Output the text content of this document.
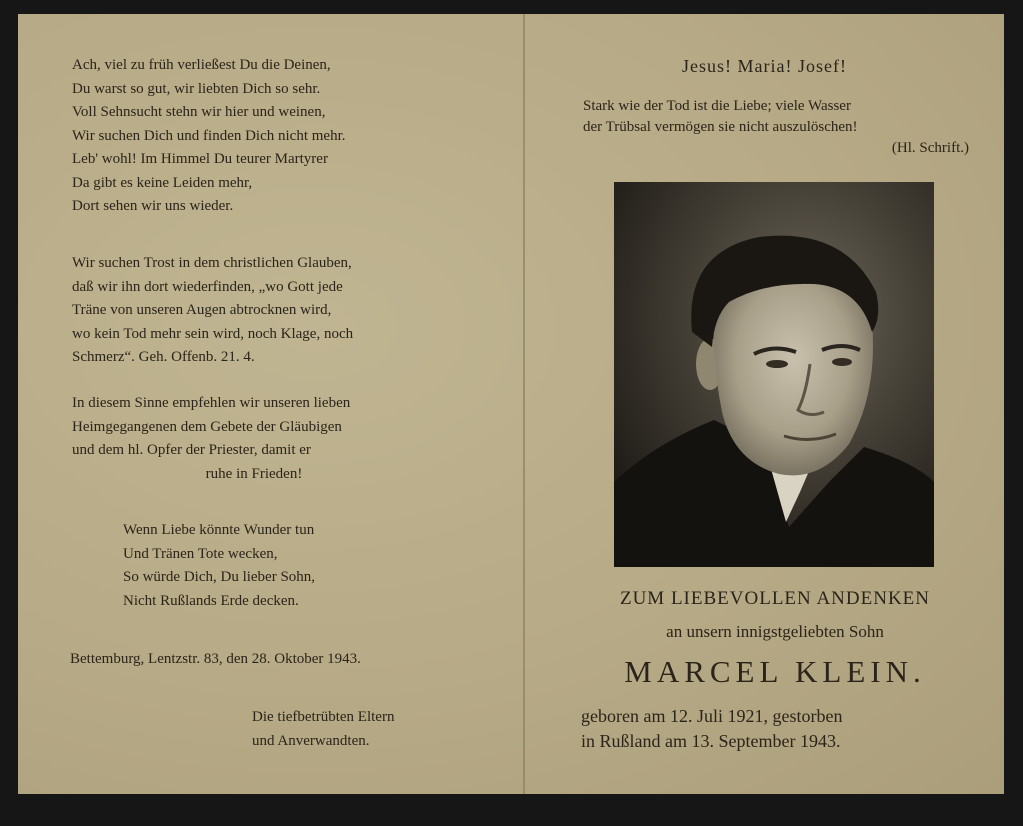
Ach, viel zu früh verließest Du die Deinen,
Du warst so gut, wir liebten Dich so sehr.
Voll Sehnsucht stehn wir hier und weinen,
Wir suchen Dich und finden Dich nicht mehr.
Leb' wohl! Im Himmel Du teurer Martyrer
Da gibt es keine Leiden mehr,
Dort sehen wir uns wieder.
Wir suchen Trost in dem christlichen Glauben,
daß wir ihn dort wiederfinden, „wo Gott jede
Träne von unseren Augen abtrocknen wird,
wo kein Tod mehr sein wird, noch Klage, noch
Schmerz“. Geh. Offenb. 21. 4.
In diesem Sinne empfehlen wir unseren lieben
Heimgegangenen dem Gebete der Gläubigen
und dem hl. Opfer der Priester, damit er
ruhe in Frieden!
Wenn Liebe könnte Wunder tun
Und Tränen Tote wecken,
So würde Dich, Du lieber Sohn,
Nicht Rußlands Erde decken.
Bettemburg, Lentzstr. 83, den 28. Oktober 1943.
Die tiefbetrübten Eltern
und Anverwandten.
Jesus! Maria! Josef!
Stark wie der Tod ist die Liebe; viele Wasser
der Trübsal vermögen sie nicht auszulöschen!
(Hl. Schrift.)
ZUM LIEBEVOLLEN ANDENKEN
an unsern innigstgeliebten Sohn
MARCEL KLEIN.
geboren am 12. Juli 1921, gestorben
in Rußland am 13. September 1943.
